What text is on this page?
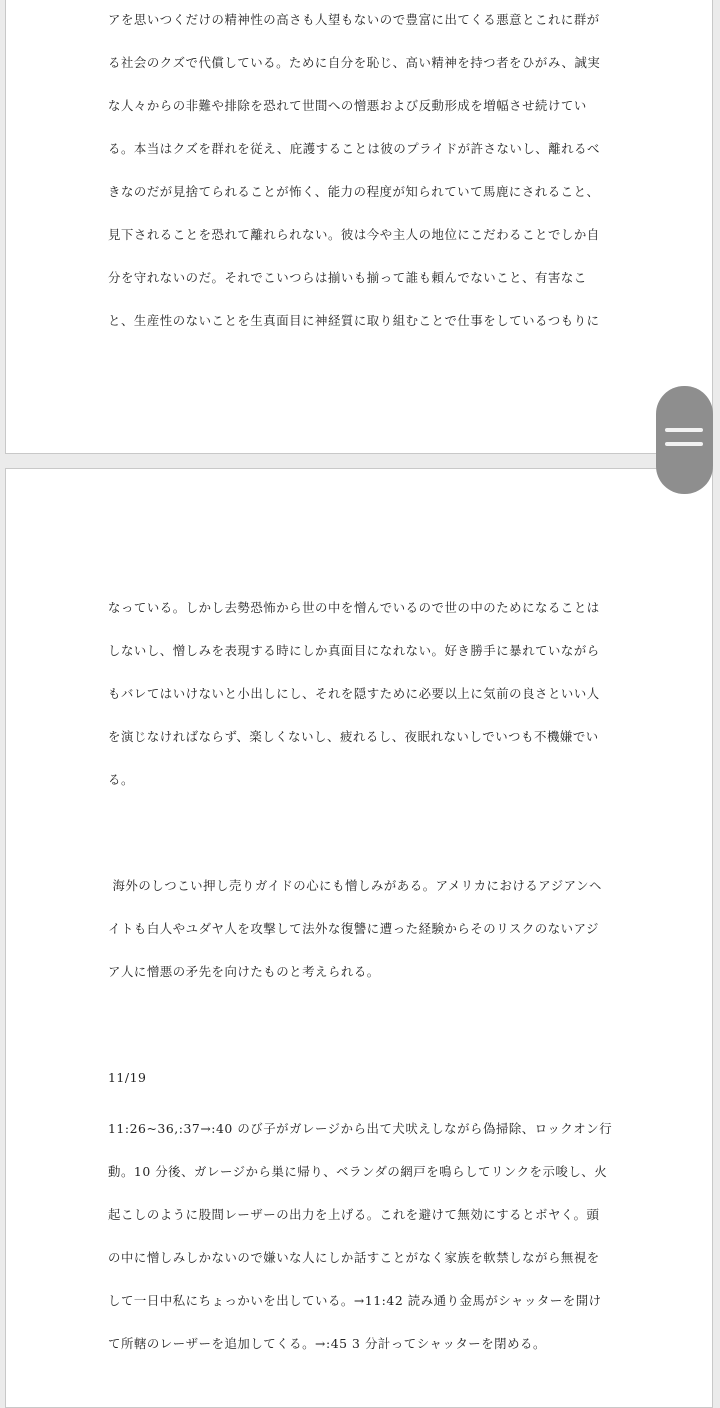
アを思いつくだけの精神性の高さも人望もないので豊富に出てくる悪意とこれに群が

る社会のクズで代償している。ために自分を恥じ、高い精神を持つ者をひがみ、誠実

な人々からの非難や排除を恐れて世間への憎悪および反動形成を増幅させ続けてい

る。本当はクズを群れを従え、庇護することは彼のプライドが許さないし、離れるべ

きなのだが見捨てられることが怖く、能力の程度が知られていて馬鹿にされること、

見下されることを恐れて離れられない。彼は今や主人の地位にこだわることでしか自

分を守れないのだ。それでこいつらは揃いも揃って誰も頼んでないこと、有害なこ

と、生産性のないことを生真面目に神経質に取り組むことで仕事をしているつもりに

なっている。しかし去勢恐怖から世の中を憎んでいるので世の中のためになることは

しないし、憎しみを表現する時にしか真面目になれない。好き勝手に暴れていながら

もバレてはいけないと小出しにし、それを隠すために必要以上に気前の良さといい人

を演じなければならず、楽しくないし、疲れるし、夜眠れないしでいつも不機嫌でい

る。

海外のしつこい押し売りガイドの心にも憎しみがある。アメリカにおけるアジアンヘ

イトも白人やユダヤ人を攻撃して法外な復讐に遭った経験からそのリスクのないアジ

ア人に憎悪の矛先を向けたものと考えられる。

11/19

11:26~36,:37→:40 のび子がガレージから出て犬吠えしながら偽掃除、ロックオン行

動。10 分後、ガレージから巣に帰り、ベランダの網戸を鳴らしてリンクを示唆し、火

起こしのように股間レーザーの出力を上げる。これを避けて無効にするとボヤく。頭

の中に憎しみしかないので嫌いな人にしか話すことがなく家族を軟禁しながら無視を

して一日中私にちょっかいを出している。→11:42 読み通り金馬がシャッターを開け

て所轄のレーザーを追加してくる。→:45 3 分計ってシャッターを閉める。
